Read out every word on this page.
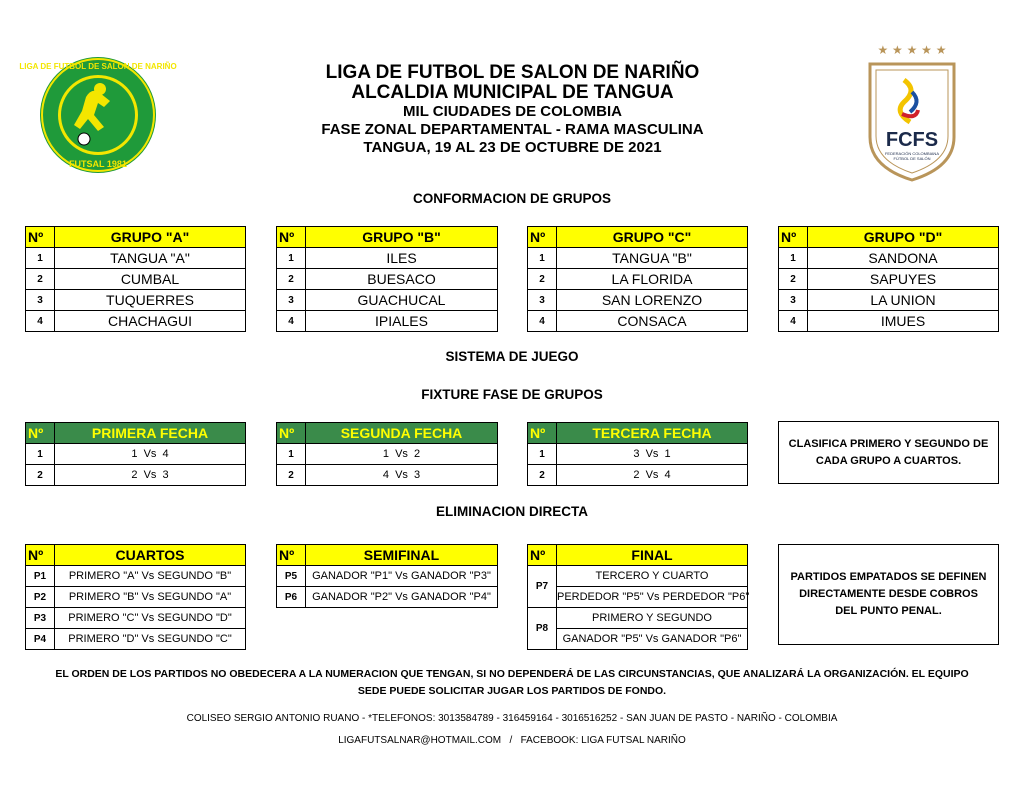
LIGA DE FUTBOL DE SALON DE NARIÑO
FUTSAL 1981
★ ★ ★ ★ ★
FCFS
FEDERACIÓN COLOMBIANA
FÚTBOL DE SALÓN
LIGA DE FUTBOL DE SALON DE NARIÑO
ALCALDIA MUNICIPAL DE TANGUA
MIL CIUDADES DE COLOMBIA
FASE ZONAL DEPARTAMENTAL - RAMA MASCULINA
TANGUA, 19 AL 23 DE OCTUBRE DE 2021
CONFORMACION DE GRUPOS
Nº	GRUPO "A"
1	TANGUA "A"
2	CUMBAL
3	TUQUERRES
4	CHACHAGUI
Nº	GRUPO "B"
1	ILES
2	BUESACO
3	GUACHUCAL
4	IPIALES
Nº	GRUPO "C"
1	TANGUA "B"
2	LA FLORIDA
3	SAN LORENZO
4	CONSACA
Nº	GRUPO "D"
1	SANDONA
2	SAPUYES
3	LA UNION
4	IMUES
SISTEMA DE JUEGO
FIXTURE FASE DE GRUPOS
Nº	PRIMERA FECHA
1	1  Vs  4
2	2  Vs  3
Nº	SEGUNDA FECHA
1	1  Vs  2
2	4  Vs  3
Nº	TERCERA FECHA
1	3  Vs  1
2	2  Vs  4
CLASIFICA PRIMERO Y SEGUNDO DE CADA GRUPO A CUARTOS.
ELIMINACION DIRECTA
Nº	CUARTOS
P1	PRIMERO "A" Vs SEGUNDO "B"
P2	PRIMERO "B" Vs SEGUNDO "A"
P3	PRIMERO "C" Vs SEGUNDO "D"
P4	PRIMERO "D" Vs SEGUNDO "C"
Nº	SEMIFINAL
P5	GANADOR "P1" Vs GANADOR "P3"
P6	GANADOR "P2" Vs GANADOR "P4"
Nº	FINAL
P7	TERCERO Y CUARTO
	PERDEDOR "P5" Vs PERDEDOR "P6"
P8	PRIMERO Y SEGUNDO
	GANADOR "P5" Vs GANADOR "P6"
PARTIDOS EMPATADOS SE DEFINEN DIRECTAMENTE DESDE COBROS DEL PUNTO PENAL.
EL ORDEN DE LOS PARTIDOS NO OBEDECERA A LA NUMERACION QUE TENGAN, SI NO DEPENDERÁ DE LAS CIRCUNSTANCIAS, QUE ANALIZARÁ LA ORGANIZACIÓN. EL EQUIPO
SEDE PUEDE SOLICITAR JUGAR LOS PARTIDOS DE FONDO.
COLISEO SERGIO ANTONIO RUANO - *TELEFONOS: 3013584789 - 316459164 - 3016516252 - SAN JUAN DE PASTO - NARIÑO - COLOMBIA
LIGAFUTSALNAR@HOTMAIL.COM   /   FACEBOOK: LIGA FUTSAL NARIÑO
